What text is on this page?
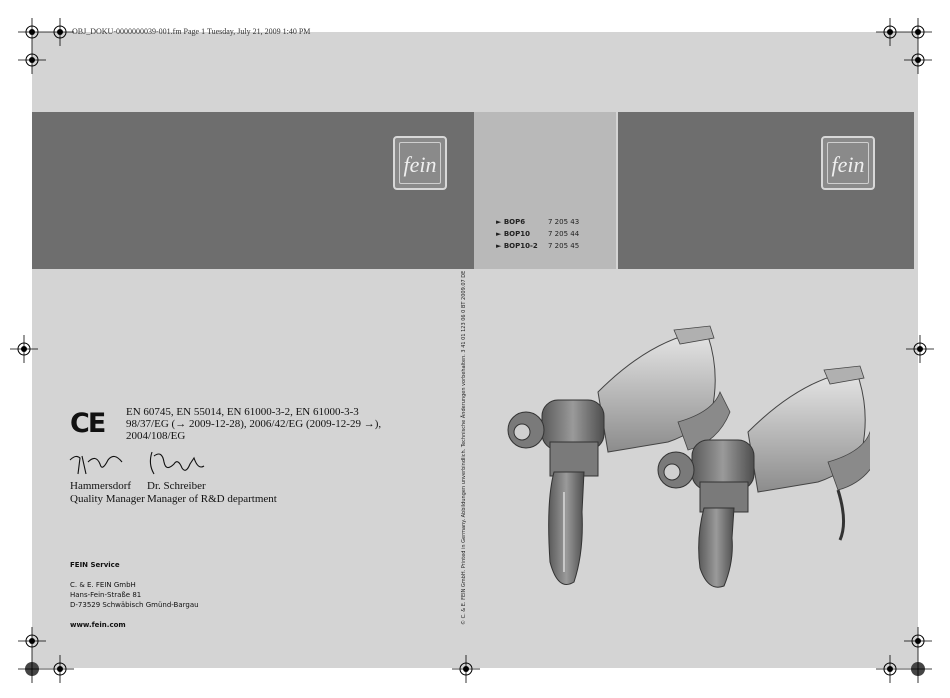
OBJ_DOKU-0000000039-001.fm Page 1 Tuesday, July 21, 2009 1:40 PM
fein	fein
► BOP6	7 205 43
► BOP10	7 205 44
► BOP10-2	7 205 45
CE EN 60745, EN 55014, EN 61000-3-2, EN 61000-3-3
98/37/EG (→ 2009-12-28), 2006/42/EG (2009-12-29 →),
2004/108/EG
Hammersdorf
Quality Manager
Dr. Schreiber
Manager of R&D department
FEIN Service
C. & E. FEIN GmbH
Hans-Fein-Straße 81
D-73529 Schwäbisch Gmünd-Bargau
www.fein.com	© C. & E. FEIN GmbH. Printed in Germany. Abbildungen unverbindlich. Technische Änderungen vorbehalten. 3 41 01 123 06 0 BT 2009.07 DE
